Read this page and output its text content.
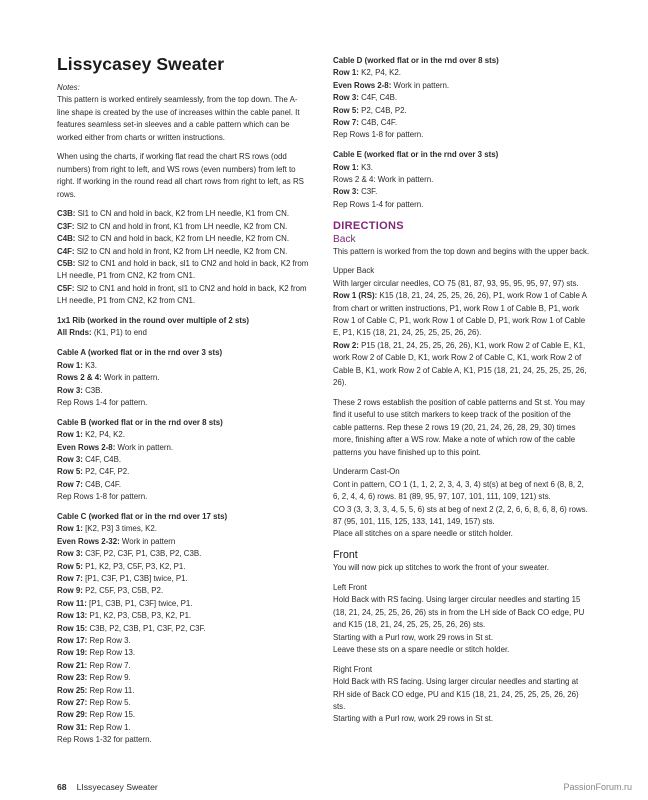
Lissycasey Sweater

Notes:

This pattern is worked entirely seamlessly, from the top down. The A-line shape is created by the use of increases within the cable panel. It features seamless set-in sleeves and a cable pattern which can be worked either from charts or written instructions.

When using the charts, if working flat read the chart RS rows (odd numbers) from right to left, and WS rows (even numbers) from left to right. If working in the round read all chart rows from right to left, as RS rows.

C3B: Sl1 to CN and hold in back, K2 from LH needle, K1 from CN.

C3F: Sl2 to CN and hold in front, K1 from LH needle, K2 from CN.

C4B: Sl2 to CN and hold in back, K2 from LH needle, K2 from CN.

C4F: Sl2 to CN and hold in front, K2 from LH needle, K2 from CN.

C5B: Sl2 to CN1 and hold in back, sl1 to CN2 and hold in back, K2 from LH needle, P1 from CN2, K2 from CN1.

C5F: Sl2 to CN1 and hold in front, sl1 to CN2 and hold in back, K2 from LH needle, P1 from CN2, K2 from CN1.

1x1 Rib (worked in the round over multiple of 2 sts)

All Rnds: (K1, P1) to end

Cable A (worked flat or in the rnd over 3 sts)

Row 1: K3.

Rows 2 & 4: Work in pattern.

Row 3: C3B.

Rep Rows 1-4 for pattern.

Cable B (worked flat or in the rnd over 8 sts)

Row 1: K2, P4, K2.

Even Rows 2-8: Work in pattern.

Row 3: C4F, C4B.

Row 5: P2, C4F, P2.

Row 7: C4B, C4F.

Rep Rows 1-8 for pattern.

Cable C (worked flat or in the rnd over 17 sts)

Row 1: [K2, P3] 3 times, K2.

Even Rows 2-32: Work in pattern

Row 3: C3F, P2, C3F, P1, C3B, P2, C3B.

Row 5: P1, K2, P3, C5F, P3, K2, P1.

Row 7: [P1, C3F, P1, C3B] twice, P1.

Row 9: P2, C5F, P3, C5B, P2.

Row 11: [P1, C3B, P1, C3F] twice, P1.

Row 13: P1, K2, P3, C5B, P3, K2, P1.

Row 15: C3B, P2, C3B, P1, C3F, P2, C3F.

Row 17: Rep Row 3.

Row 19: Rep Row 13.

Row 21: Rep Row 7.

Row 23: Rep Row 9.

Row 25: Rep Row 11.

Row 27: Rep Row 5.

Row 29: Rep Row 15.

Row 31: Rep Row 1.

Rep Rows 1-32 for pattern.

Cable D (worked flat or in the rnd over 8 sts)

Row 1: K2, P4, K2.

Even Rows 2-8: Work in pattern.

Row 3: C4F, C4B.

Row 5: P2, C4B, P2.

Row 7: C4B, C4F.

Rep Rows 1-8 for pattern.

Cable E (worked flat or in the rnd over 3 sts)

Row 1: K3.

Rows 2 & 4: Work in pattern.

Row 3: C3F.

Rep Rows 1-4 for pattern.

DIRECTIONS

Back

This pattern is worked from the top down and begins with the upper back.

Upper Back

With larger circular needles, CO 75 (81, 87, 93, 95, 95, 95, 97, 97) sts.

Row 1 (RS): K15 (18, 21, 24, 25, 25, 26, 26), P1, work Row 1 of Cable A from chart or written instructions, P1, work Row 1 of Cable B, P1, work Row 1 of Cable C, P1, work Row 1 of Cable D, P1, work Row 1 of Cable E, P1, K15 (18, 21, 24, 25, 25, 25, 26, 26).

Row 2: P15 (18, 21, 24, 25, 25, 26, 26), K1, work Row 2 of Cable E, K1, work Row 2 of Cable D, K1, work Row 2 of Cable C, K1, work Row 2 of Cable B, K1, work Row 2 of Cable A, K1, P15 (18, 21, 24, 25, 25, 25, 26, 26).

These 2 rows establish the position of cable patterns and St st. You may find it useful to use stitch markers to keep track of the position of the cable patterns. Rep these 2 rows 19 (20, 21, 24, 26, 28, 29, 30) times more, finishing after a WS row. Make a note of which row of the cable patterns you have finished up to this point.

Underarm Cast-On

Cont in pattern, CO 1 (1, 1, 2, 2, 3, 4, 3, 4) st(s) at beg of next 6 (8, 8, 2, 6, 2, 4, 4, 6) rows. 81 (89, 95, 97, 107, 101, 111, 109, 121) sts.

CO 3 (3, 3, 3, 3, 4, 5, 5, 6) sts at beg of next 2 (2, 2, 6, 6, 8, 6, 8, 6) rows. 87 (95, 101, 115, 125, 133, 141, 149, 157) sts.

Place all stitches on a spare needle or stitch holder.

Front

You will now pick up stitches to work the front of your sweater.

Left Front

Hold Back with RS facing. Using larger circular needles and starting 15 (18, 21, 24, 25, 25, 26, 26) sts in from the LH side of Back CO edge, PU and K15 (18, 21, 24, 25, 25, 25, 26, 26) sts.

Starting with a Purl row, work 29 rows in St st.

Leave these sts on a spare needle or stitch holder.

Right Front

Hold Back with RS facing. Using larger circular needles and starting at RH side of Back CO edge, PU and K15 (18, 21, 24, 25, 25, 25, 26, 26) sts.

Starting with a Purl row, work 29 rows in St st.

68 LIssyecasey Sweater	PassionForum.ru
